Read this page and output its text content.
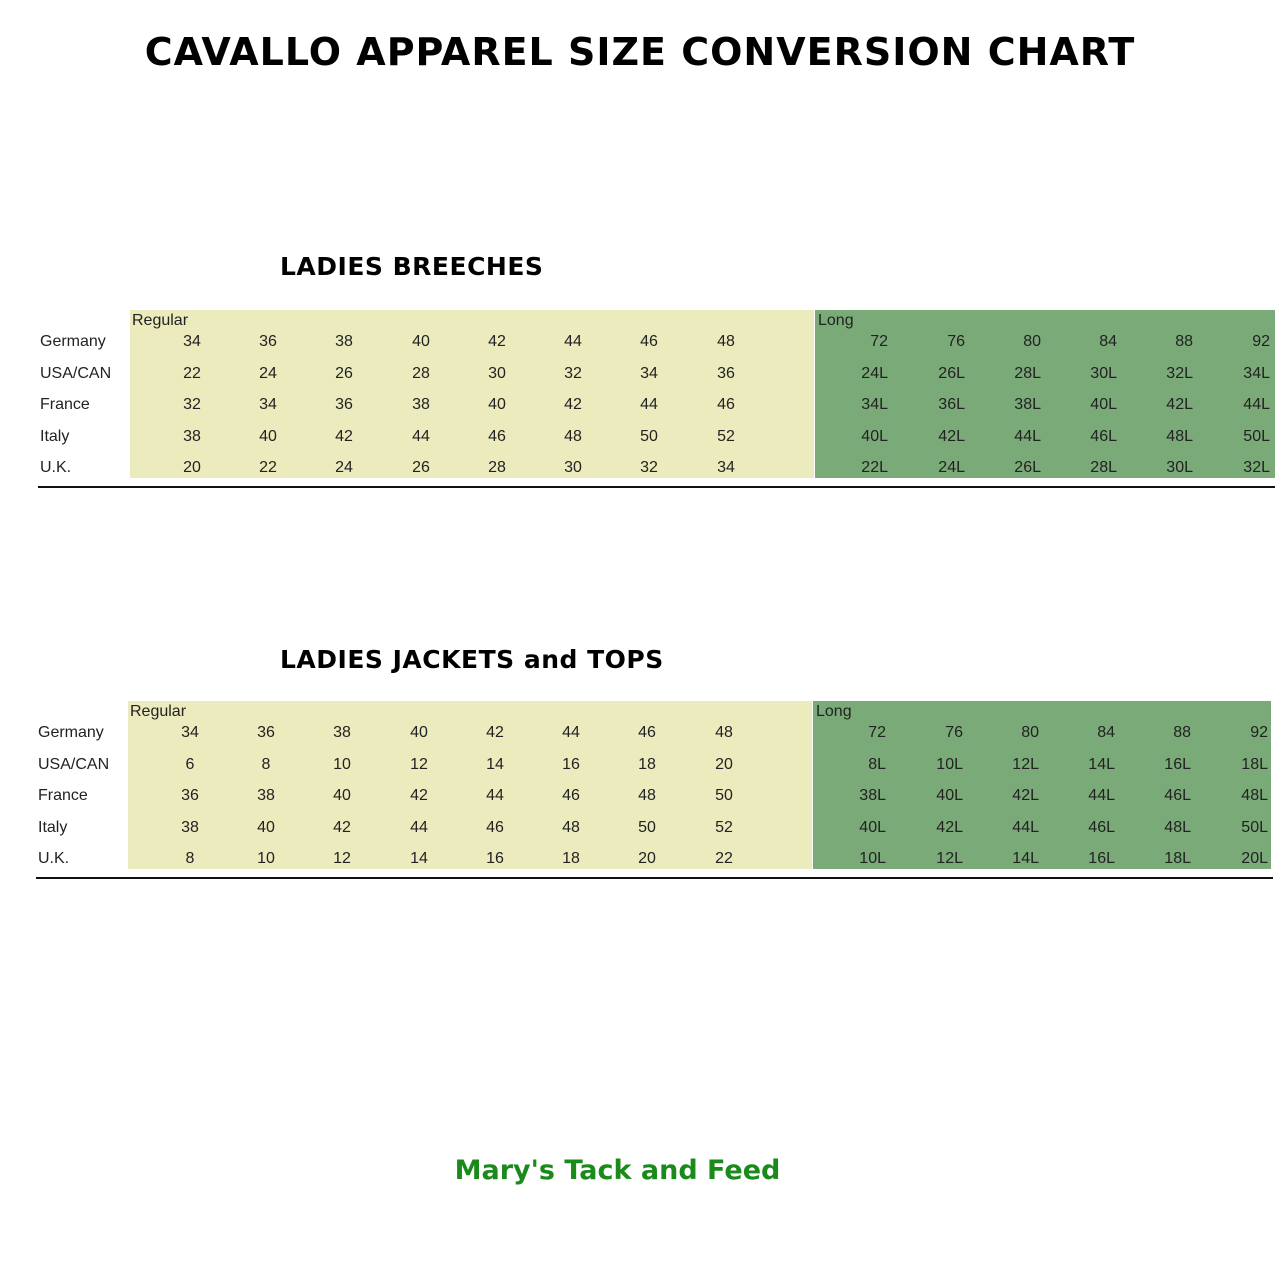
CAVALLO APPAREL SIZE CONVERSION CHART
LADIES BREECHES
Regular	Long
Germany	34	36	38	40	42	44	46	48	72	76	80	84	88	92
USA/CAN	22	24	26	28	30	32	34	36	24L	26L	28L	30L	32L	34L
France	32	34	36	38	40	42	44	46	34L	36L	38L	40L	42L	44L
Italy	38	40	42	44	46	48	50	52	40L	42L	44L	46L	48L	50L
U.K.	20	22	24	26	28	30	32	34	22L	24L	26L	28L	30L	32L
LADIES JACKETS and TOPS
Regular	Long
Germany	34	36	38	40	42	44	46	48	72	76	80	84	88	92
USA/CAN	6	8	10	12	14	16	18	20	8L	10L	12L	14L	16L	18L
France	36	38	40	42	44	46	48	50	38L	40L	42L	44L	46L	48L
Italy	38	40	42	44	46	48	50	52	40L	42L	44L	46L	48L	50L
U.K.	8	10	12	14	16	18	20	22	10L	12L	14L	16L	18L	20L

Mary's Tack and Feed
